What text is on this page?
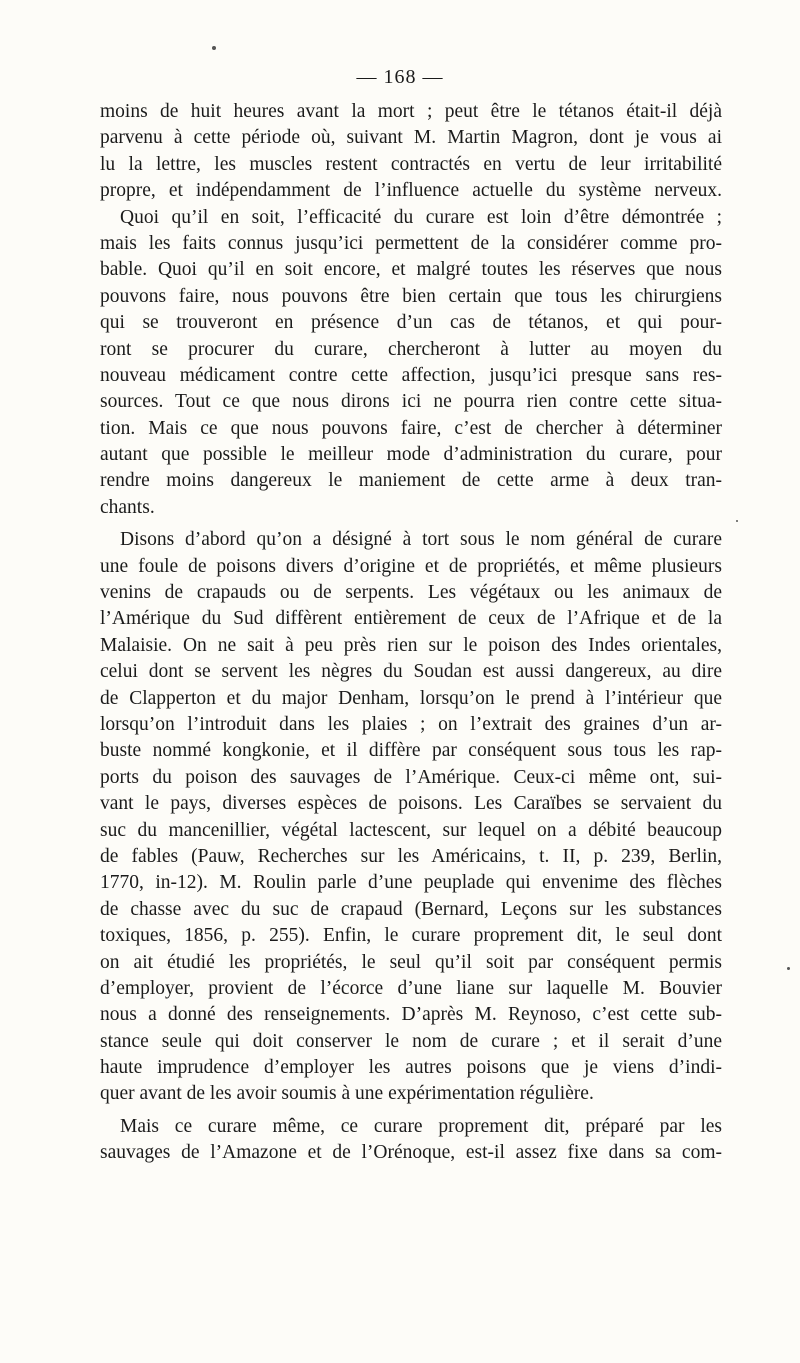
— 168 —
moins de huit heures avant la mort ; peut être le tétanos était-il déjà
parvenu à cette période où, suivant M. Martin Magron, dont je vous ai
lu la lettre, les muscles restent contractés en vertu de leur irritabilité
propre, et indépendamment de l’influence actuelle du système nerveux.
Quoi qu’il en soit, l’efficacité du curare est loin d’être démontrée ;
mais les faits connus jusqu’ici permettent de la considérer comme pro-
bable. Quoi qu’il en soit encore, et malgré toutes les réserves que nous
pouvons faire, nous pouvons être bien certain que tous les chirurgiens
qui se trouveront en présence d’un cas de tétanos, et qui pour-
ront se procurer du curare, chercheront à lutter au moyen du
nouveau médicament contre cette affection, jusqu’ici presque sans res-
sources. Tout ce que nous dirons ici ne pourra rien contre cette situa-
tion. Mais ce que nous pouvons faire, c’est de chercher à déterminer
autant que possible le meilleur mode d’administration du curare, pour
rendre moins dangereux le maniement de cette arme à deux tran-
chants.
Disons d’abord qu’on a désigné à tort sous le nom général de curare
une foule de poisons divers d’origine et de propriétés, et même plusieurs
venins de crapauds ou de serpents. Les végétaux ou les animaux de
l’Amérique du Sud diffèrent entièrement de ceux de l’Afrique et de la
Malaisie. On ne sait à peu près rien sur le poison des Indes orientales,
celui dont se servent les nègres du Soudan est aussi dangereux, au dire
de Clapperton et du major Denham, lorsqu’on le prend à l’intérieur que
lorsqu’on l’introduit dans les plaies ; on l’extrait des graines d’un ar-
buste nommé kongkonie, et il diffère par conséquent sous tous les rap-
ports du poison des sauvages de l’Amérique. Ceux-ci même ont, sui-
vant le pays, diverses espèces de poisons. Les Caraïbes se servaient du
suc du mancenillier, végétal lactescent, sur lequel on a débité beaucoup
de fables (Pauw, Recherches sur les Américains, t. II, p. 239, Berlin,
1770, in-12). M. Roulin parle d’une peuplade qui envenime des flèches
de chasse avec du suc de crapaud (Bernard, Leçons sur les substances
toxiques, 1856, p. 255). Enfin, le curare proprement dit, le seul dont
on ait étudié les propriétés, le seul qu’il soit par conséquent permis
d’employer, provient de l’écorce d’une liane sur laquelle M. Bouvier
nous a donné des renseignements. D’après M. Reynoso, c’est cette sub-
stance seule qui doit conserver le nom de curare ; et il serait d’une
haute imprudence d’employer les autres poisons que je viens d’indi-
quer avant de les avoir soumis à une expérimentation régulière.
Mais ce curare même, ce curare proprement dit, préparé par les
sauvages de l’Amazone et de l’Orénoque, est-il assez fixe dans sa com-
